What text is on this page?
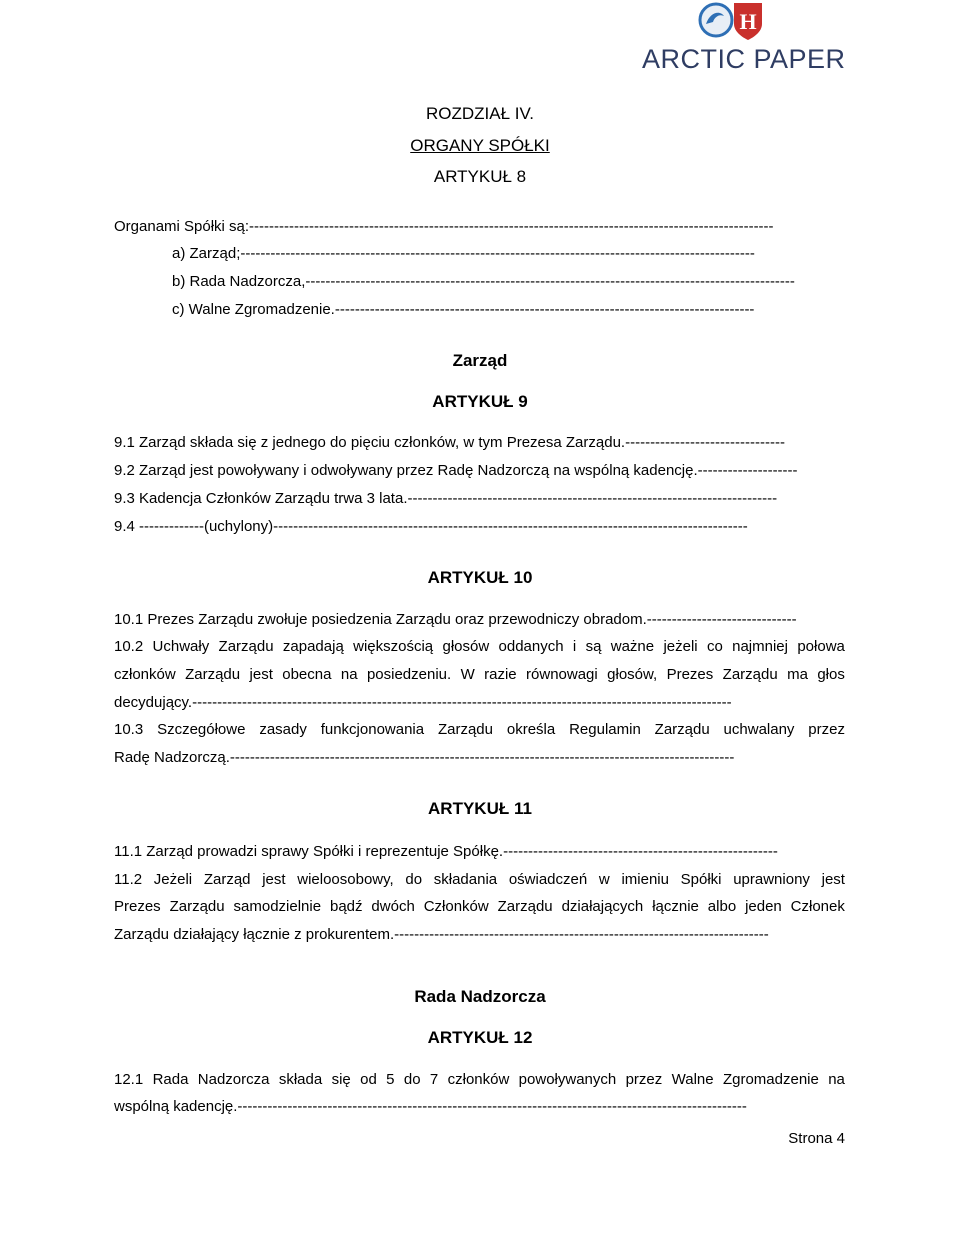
H
ARCTIC PAPER
ROZDZIAŁ IV.
ORGANY SPÓŁKI
ARTYKUŁ 8
Organami Spółki są:---------------------------------------------------------------------------------------------------------
a) Zarząd;-------------------------------------------------------------------------------------------------------
b) Rada Nadzorcza,--------------------------------------------------------------------------------------------------
c) Walne Zgromadzenie.------------------------------------------------------------------------------------
Zarząd
ARTYKUŁ 9
9.1 Zarząd składa się z jednego do pięciu członków, w tym Prezesa Zarządu.--------------------------------
9.2 Zarząd jest powoływany i odwoływany przez Radę Nadzorczą na wspólną kadencję.--------------------
9.3 Kadencja Członków Zarządu trwa 3 lata.--------------------------------------------------------------------------
9.4 -------------(uchylony)-----------------------------------------------------------------------------------------------
ARTYKUŁ 10
10.1 Prezes Zarządu zwołuje posiedzenia Zarządu oraz przewodniczy obradom.------------------------------
10.2 Uchwały Zarządu zapadają większością głosów oddanych i są ważne jeżeli co najmniej połowa
członków Zarządu jest obecna na posiedzeniu. W razie równowagi głosów, Prezes Zarządu ma głos
decydujący.------------------------------------------------------------------------------------------------------------
10.3 Szczegółowe zasady funkcjonowania Zarządu określa Regulamin Zarządu uchwalany przez
Radę Nadzorczą.-----------------------------------------------------------------------------------------------------
ARTYKUŁ 11
11.1 Zarząd prowadzi sprawy Spółki i reprezentuje Spółkę.-------------------------------------------------------
11.2 Jeżeli Zarząd jest wieloosobowy, do składania oświadczeń w imieniu Spółki uprawniony jest
Prezes Zarządu samodzielnie bądź dwóch Członków Zarządu działających łącznie albo jeden Członek
Zarządu działający łącznie z prokurentem.---------------------------------------------------------------------------
Rada Nadzorcza
ARTYKUŁ 12
12.1 Rada Nadzorcza składa się od 5 do 7 członków powoływanych przez Walne Zgromadzenie na
wspólną kadencję.------------------------------------------------------------------------------------------------------
Strona 4
